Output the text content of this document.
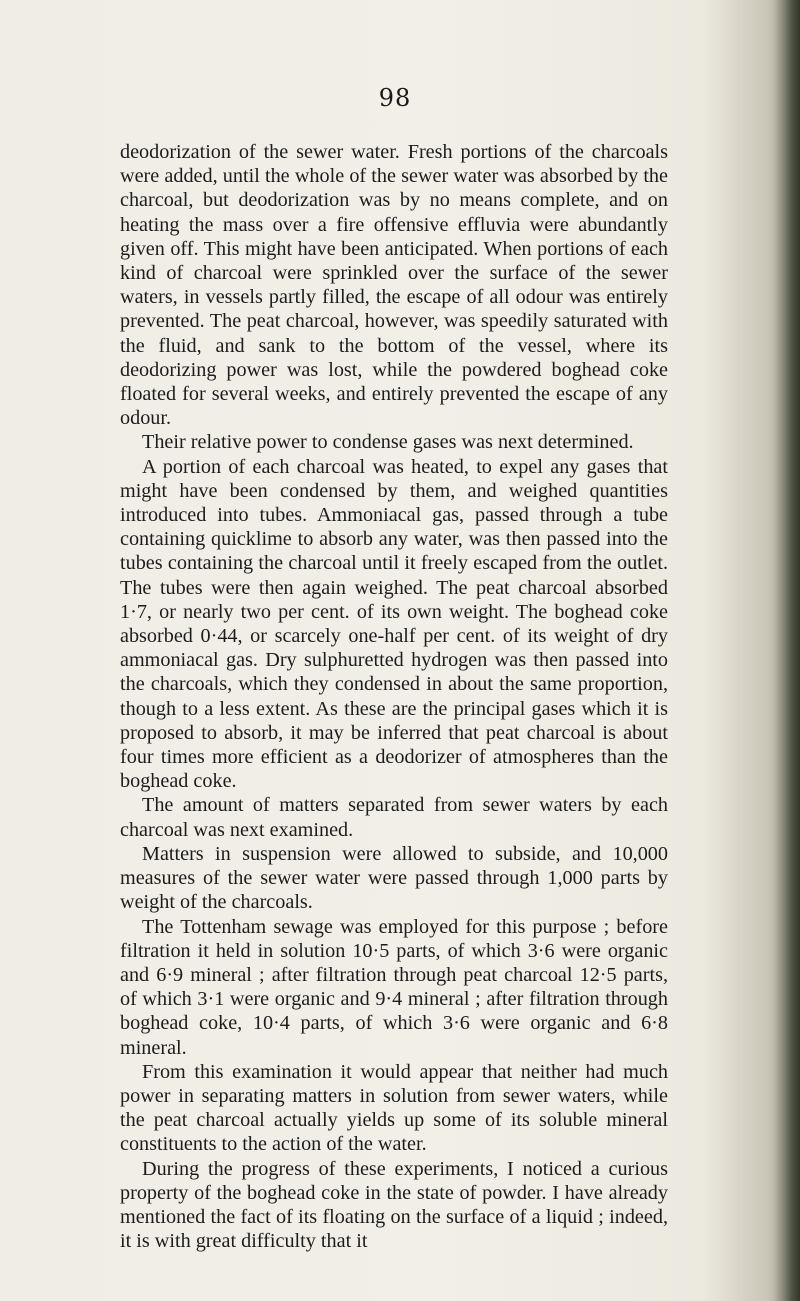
98

deodorization of the sewer water. Fresh portions of the charcoals were added, until the whole of the sewer water was absorbed by the charcoal, but deodorization was by no means complete, and on heating the mass over a fire offensive effluvia were abundantly given off. This might have been anticipated. When portions of each kind of charcoal were sprinkled over the surface of the sewer waters, in vessels partly filled, the escape of all odour was entirely prevented. The peat charcoal, however, was speedily saturated with the fluid, and sank to the bottom of the vessel, where its deodorizing power was lost, while the powdered boghead coke floated for several weeks, and entirely prevented the escape of any odour.

Their relative power to condense gases was next determined.

A portion of each charcoal was heated, to expel any gases that might have been condensed by them, and weighed quantities introduced into tubes. Ammoniacal gas, passed through a tube containing quicklime to absorb any water, was then passed into the tubes containing the charcoal until it freely escaped from the outlet. The tubes were then again weighed. The peat charcoal absorbed 1·7, or nearly two per cent. of its own weight. The boghead coke absorbed 0·44, or scarcely one-half per cent. of its weight of dry ammoniacal gas. Dry sulphuretted hydrogen was then passed into the charcoals, which they condensed in about the same proportion, though to a less extent. As these are the principal gases which it is proposed to absorb, it may be inferred that peat charcoal is about four times more efficient as a deodorizer of atmospheres than the boghead coke.

The amount of matters separated from sewer waters by each charcoal was next examined.

Matters in suspension were allowed to subside, and 10,000 measures of the sewer water were passed through 1,000 parts by weight of the charcoals.

The Tottenham sewage was employed for this purpose ; before filtration it held in solution 10·5 parts, of which 3·6 were organic and 6·9 mineral ; after filtration through peat charcoal 12·5 parts, of which 3·1 were organic and 9·4 mineral ; after filtration through boghead coke, 10·4 parts, of which 3·6 were organic and 6·8 mineral.

From this examination it would appear that neither had much power in separating matters in solution from sewer waters, while the peat charcoal actually yields up some of its soluble mineral constituents to the action of the water.

During the progress of these experiments, I noticed a curious property of the boghead coke in the state of powder. I have already mentioned the fact of its floating on the surface of a liquid ; indeed, it is with great difficulty that it
